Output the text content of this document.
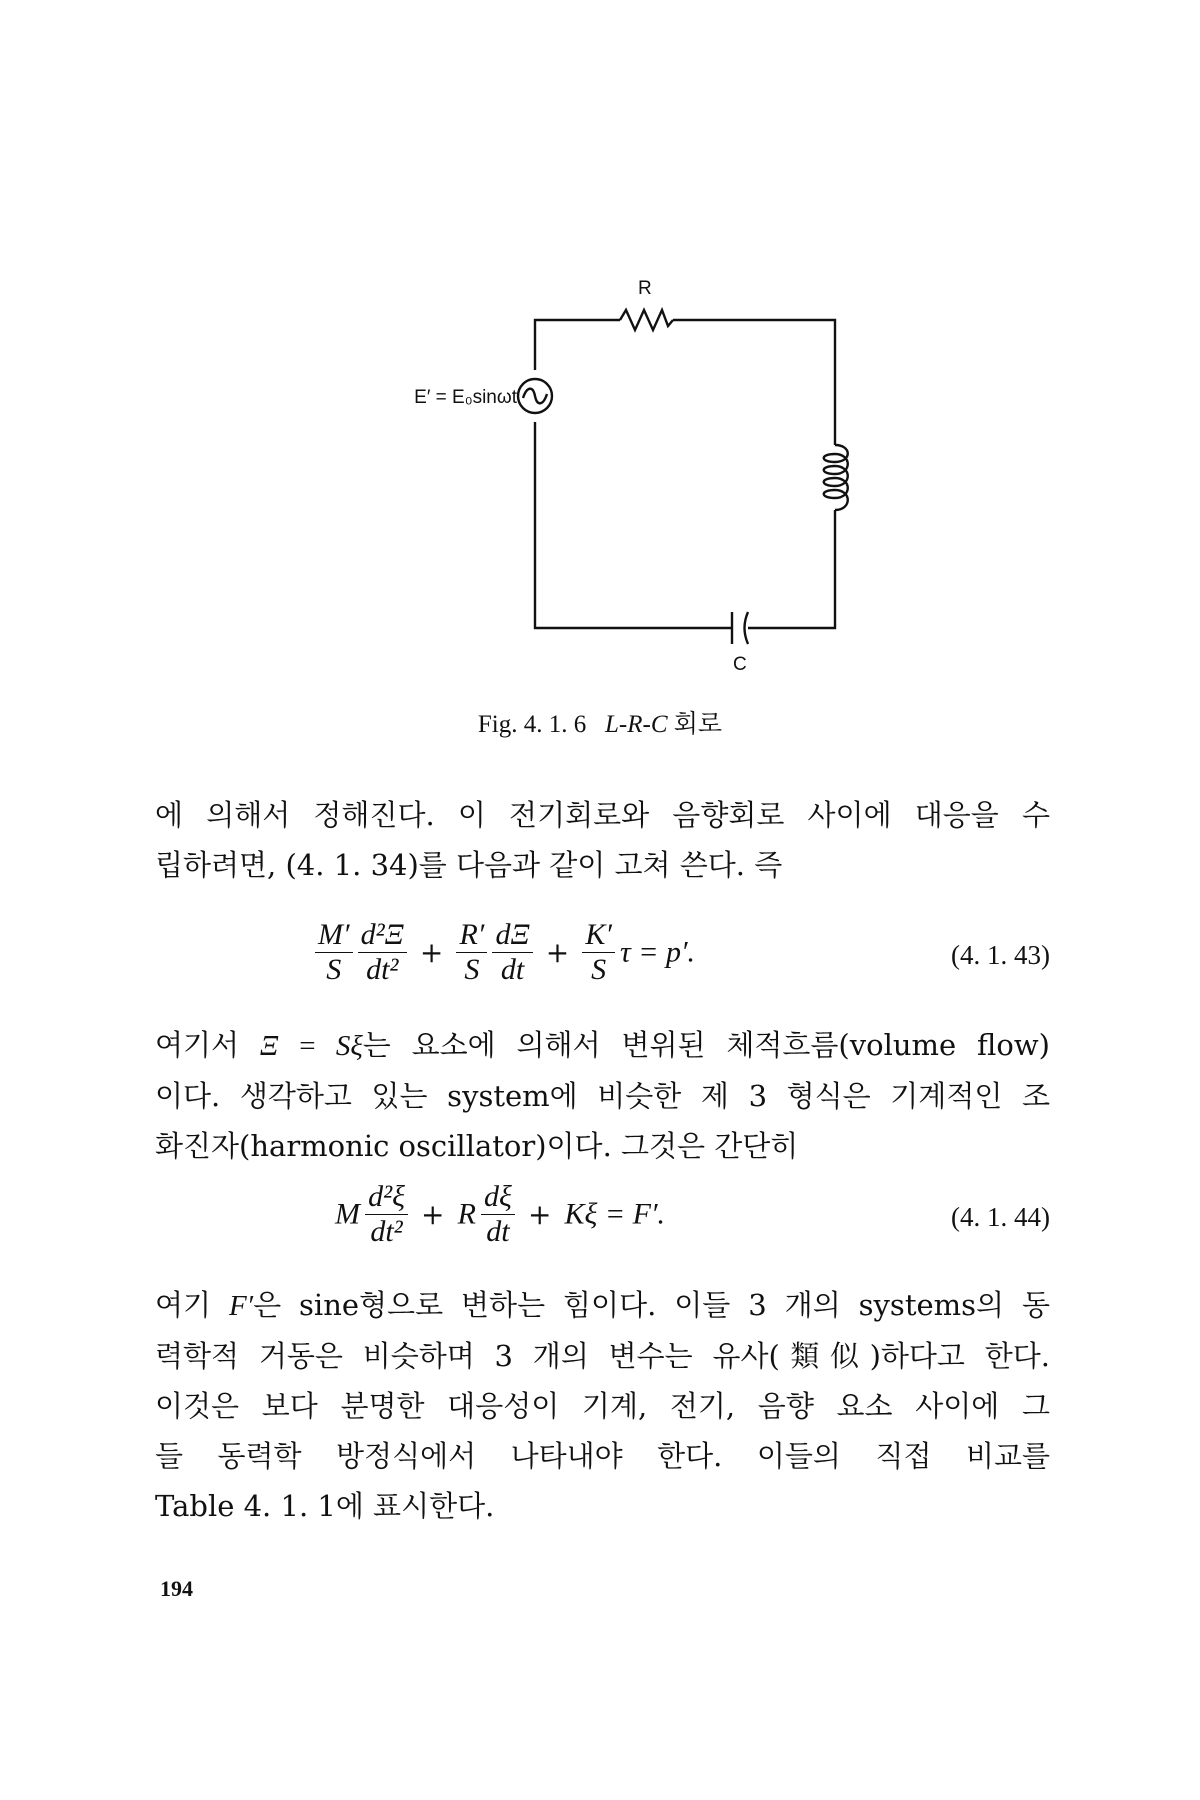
R
C
E′ = E₀sinωt
Fig. 4. 1. 6 L-R-C 회로
에 의해서 정해진다. 이 전기회로와 음향회로 사이에 대응을 수
립하려면, (4. 1. 34)를 다음과 같이 고쳐 쓴다. 즉
$\frac{M'}{S}$
$\frac{\text{d²Ξ}}{\text{dt²}} + \frac{R'}{S}$
$\frac{d\Xi}{dt} + \frac{K'}{S}$ τ = p′.	(4. 1. 43)
여기서 Ξ = Sξ는 요소에 의해서 변위된 체적흐름(volume flow)
이다. 생각하고 있는 system에 비슷한 제 3 형식은 기계적인 조
화진자(harmonic oscillator)이다. 그것은 간단히
M $\frac{\text{d²ξ}}{\text{dt²}} + R \frac{d\xi}{dt} + K\xi = F'$.	(4. 1. 44)
여기 F′은 sine형으로 변하는 힘이다. 이들 3 개의 systems의 동
력학적 거동은 비슷하며 3 개의 변수는 유사(類似)하다고 한다.
이것은 보다 분명한 대응성이 기계, 전기, 음향 요소 사이에 그
들 동력학 방정식에서 나타내야 한다. 이들의 직접 비교를
Table 4. 1. 1에 표시한다.
194
